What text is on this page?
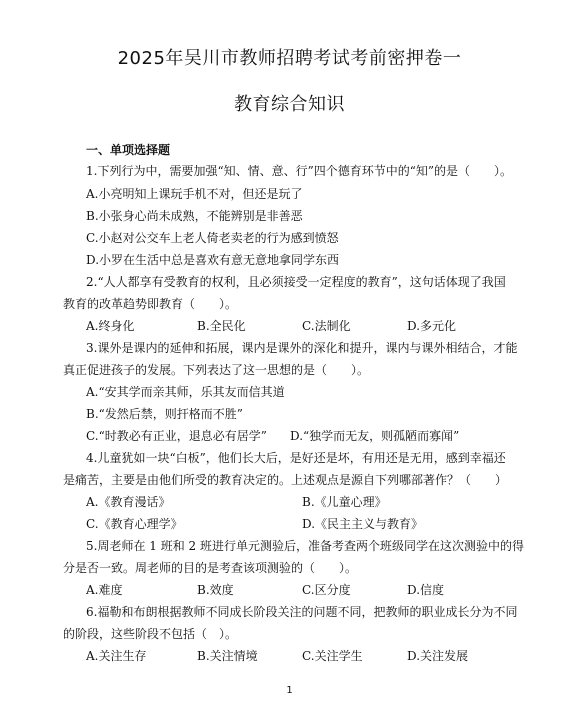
2025年吴川市教师招聘考试考前密押卷一
教育综合知识
一、单项选择题
1.下列行为中，需要加强“知、情、意、行”四个德育环节中的“知”的是（　　）。
A.小亮明知上课玩手机不对，但还是玩了
B.小张身心尚未成熟，不能辨别是非善恶
C.小赵对公交车上老人倚老卖老的行为感到愤怒
D.小罗在生活中总是喜欢有意无意地拿同学东西
2.“人人都享有受教育的权利，且必须接受一定程度的教育”，这句话体现了我国
教育的改革趋势即教育（　　）。
A.终身化	B.全民化	C.法制化	D.多元化
3.课外是课内的延伸和拓展，课内是课外的深化和提升，课内与课外相结合，才能
真正促进孩子的发展。下列表达了这一思想的是（　　）。
A.“安其学而亲其师，乐其友而信其道
B.“发然后禁，则扞格而不胜”
C.“时教必有正业，退息必有居学” D.“独学而无友，则孤陋而寡闻”
4.儿童犹如一块“白板”，他们长大后，是好还是坏，有用还是无用，感到幸福还
是痛苦，主要是由他们所受的教育决定的。上述观点是源自下列哪部著作？（　　）
A.《教育漫话》	B.《儿童心理》
C.《教育心理学》	D.《民主主义与教育》
5.周老师在 1 班和 2 班进行单元测验后，准备考查两个班级同学在这次测验中的得
分是否一致。周老师的目的是考查该项测验的（　　）。
A.难度	B.效度	C.区分度	D.信度
6.福勒和布朗根据教师不同成长阶段关注的问题不同，把教师的职业成长分为不同
的阶段，这些阶段不包括（　）。
A.关注生存	B.关注情境	C.关注学生	D.关注发展
1
